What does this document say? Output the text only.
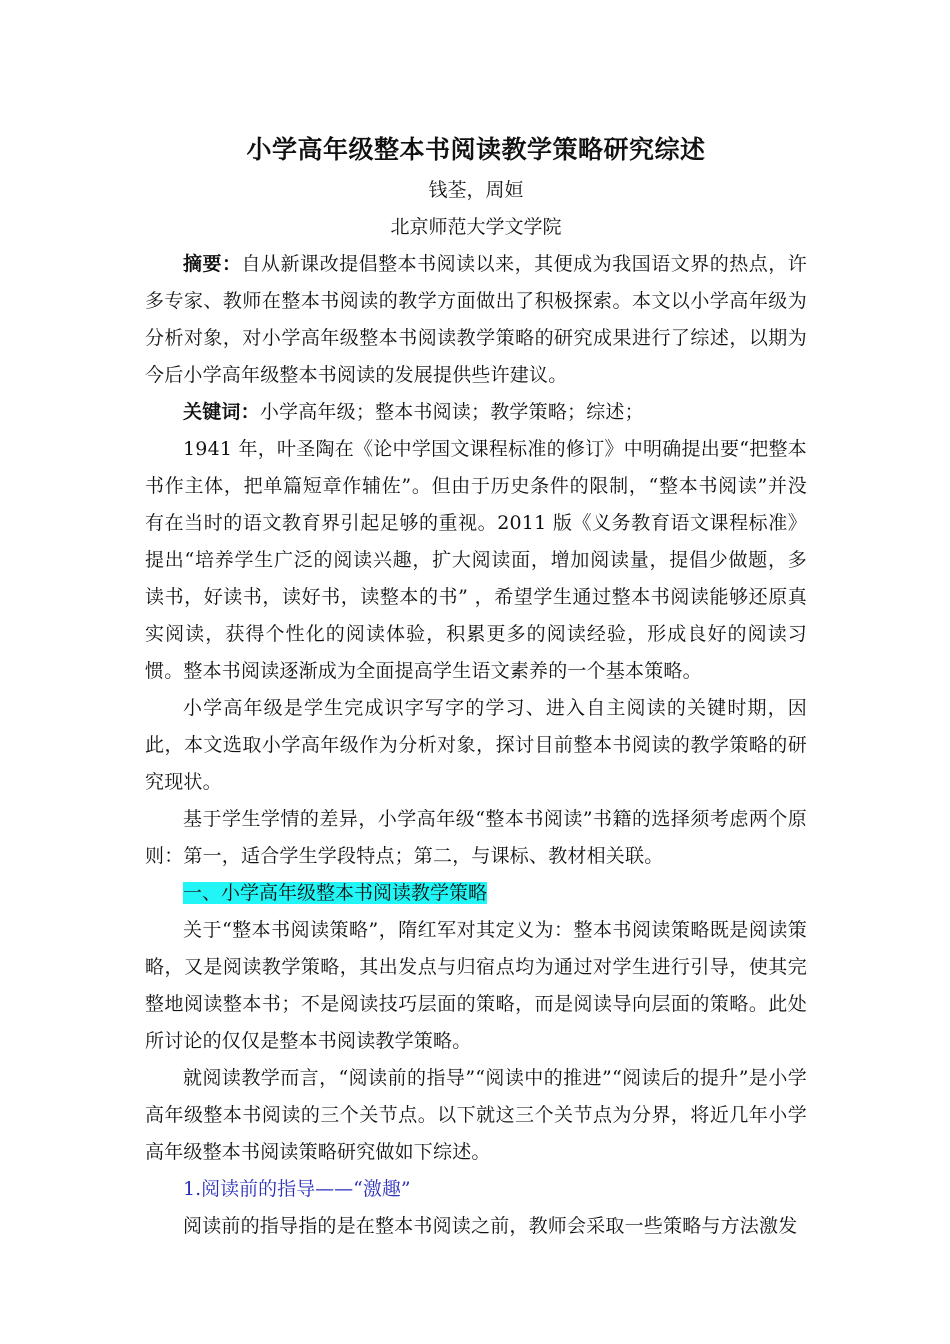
小学高年级整本书阅读教学策略研究综述

钱荃，周姮

北京师范大学文学院

摘要：自从新课改提倡整本书阅读以来，其便成为我国语文界的热点，许多专家、教师在整本书阅读的教学方面做出了积极探索。本文以小学高年级为分析对象，对小学高年级整本书阅读教学策略的研究成果进行了综述，以期为今后小学高年级整本书阅读的发展提供些许建议。

关键词：小学高年级；整本书阅读；教学策略；综述；

1941 年，叶圣陶在《论中学国文课程标准的修订》中明确提出要“把整本书作主体，把单篇短章作辅佐”。但由于历史条件的限制，“整本书阅读”并没有在当时的语文教育界引起足够的重视。2011 版《义务教育语文课程标准》提出“培养学生广泛的阅读兴趣，扩大阅读面，增加阅读量，提倡少做题，多读书，好读书，读好书，读整本的书” ，希望学生通过整本书阅读能够还原真实阅读，获得个性化的阅读体验，积累更多的阅读经验，形成良好的阅读习惯。整本书阅读逐渐成为全面提高学生语文素养的一个基本策略。

小学高年级是学生完成识字写字的学习、进入自主阅读的关键时期，因此，本文选取小学高年级作为分析对象，探讨目前整本书阅读的教学策略的研究现状。

基于学生学情的差异，小学高年级“整本书阅读”书籍的选择须考虑两个原则：第一，适合学生学段特点；第二，与课标、教材相关联。

一、小学高年级整本书阅读教学策略

关于“整本书阅读策略”，隋红军对其定义为：整本书阅读策略既是阅读策略，又是阅读教学策略，其出发点与归宿点均为通过对学生进行引导，使其完整地阅读整本书；不是阅读技巧层面的策略，而是阅读导向层面的策略。此处所讨论的仅仅是整本书阅读教学策略。

就阅读教学而言，“阅读前的指导”“阅读中的推进”“阅读后的提升”是小学高年级整本书阅读的三个关节点。以下就这三个关节点为分界，将近几年小学高年级整本书阅读策略研究做如下综述。

1.阅读前的指导——“激趣”

阅读前的指导指的是在整本书阅读之前，教师会采取一些策略与方法激发
